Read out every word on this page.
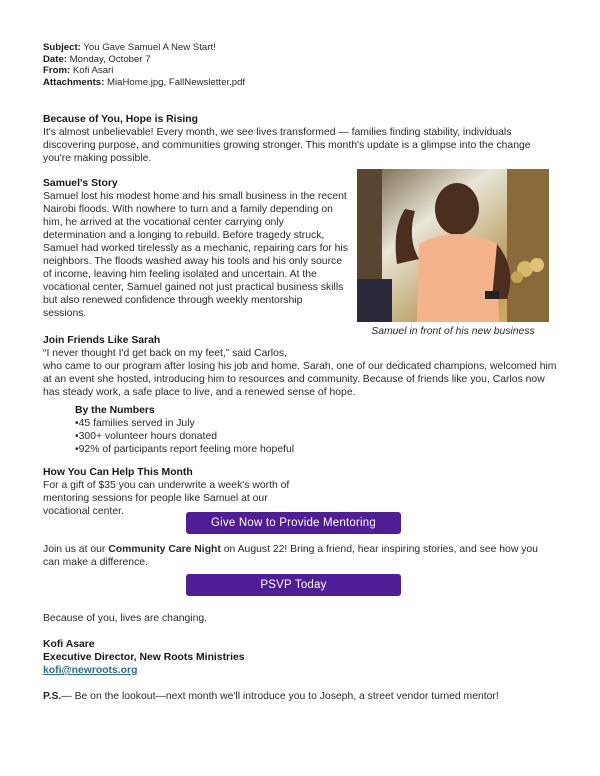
Subject: You Gave Samuel A New Start!

Date: Monday, October 7

From: Kofi Asari

Attachments: MiaHome.jpg, FallNewsletter.pdf

Because of You, Hope is Rising

It's almost unbelievable! Every month, we see lives transformed — families finding stability, individuals discovering purpose, and communities growing stronger. This month's update is a glimpse into the change you're making possible.

Samuel's Story

Samuel lost his modest home and his small business in the recent Nairobi floods. With nowhere to turn and a family depending on him, he arrived at the vocational center carrying only determination and a longing to rebuild. Before tragedy struck, Samuel had worked tirelessly as a mechanic, repairing cars for his neighbors. The floods washed away his tools and his only source of income, leaving him feeling isolated and uncertain. At the vocational center, Samuel gained not just practical business skills but also renewed confidence through weekly mentorship sessions.

Samuel in front of his new business
Join Friends Like Sarah

“I never thought I'd get back on my feet,” said Carlos,

who came to our program after losing his job and home. Sarah, one of our dedicated champions, welcomed him at an event she hosted, introducing him to resources and community. Because of friends like you, Carlos now has steady work, a safe place to live, and a renewed sense of hope.

By the Numbers
• 45 families served in July
• 300+ volunteer hours donated
• 92% of participants report feeling more hopeful
How You Can Help This Month

For a gift of $35 you can underwrite a week's worth of mentoring sessions for people like Samuel at our vocational center.

Give Now to Provide Mentoring

Join us at our Community Care Night on August 22! Bring a friend, hear inspiring stories, and see how you can make a difference.

PSVP Today

Because of you, lives are changing.

Kofi Asare
Executive Director, New Roots Ministries
kofi@newroots.org

P.S.— Be on the lookout—next month we'll introduce you to Joseph, a street vendor turned mentor!
